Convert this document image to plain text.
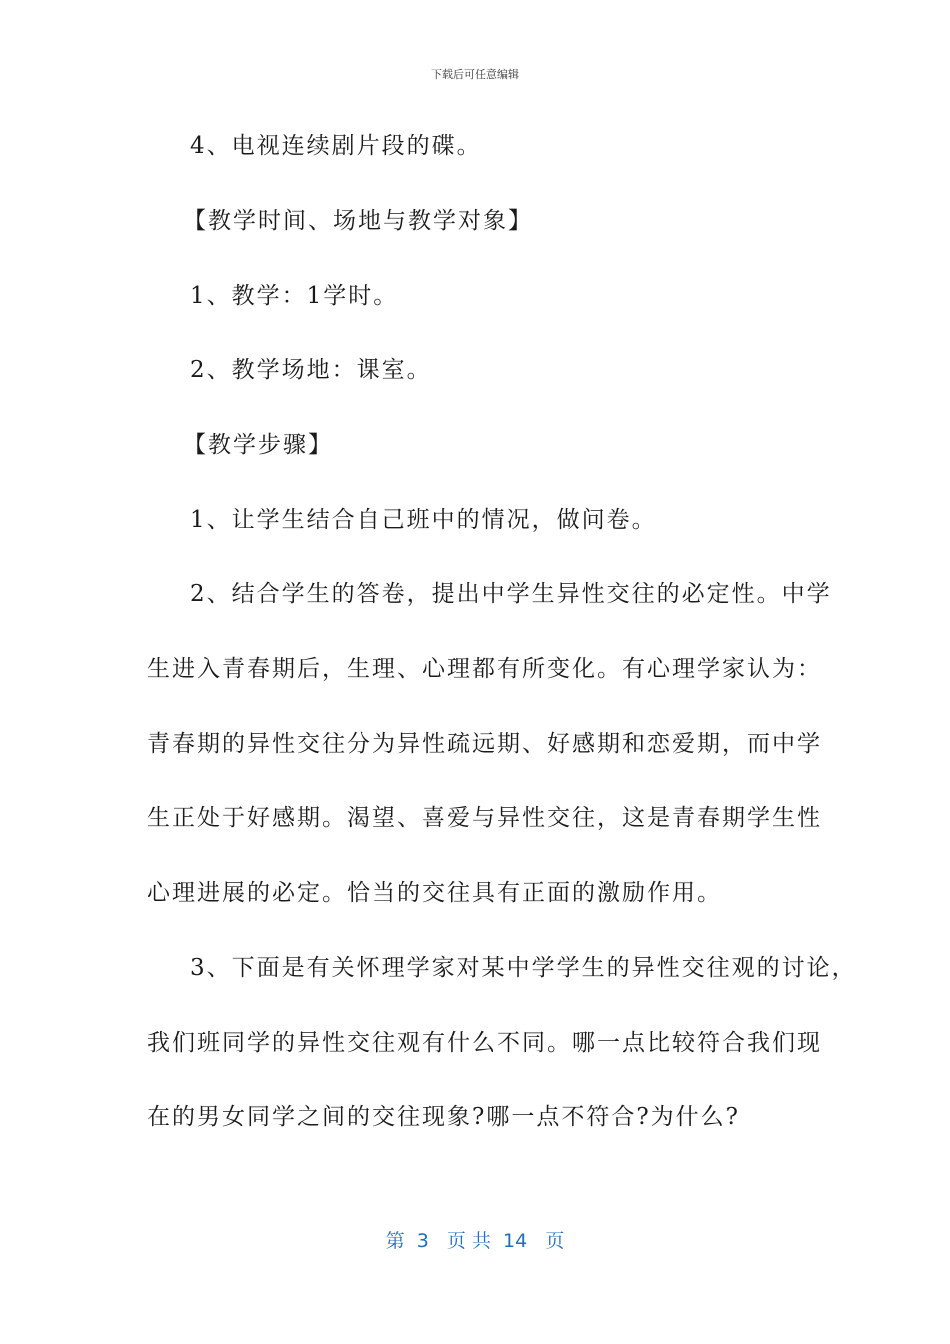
下载后可任意编辑
4、电视连续剧片段的碟。
【教学时间、场地与教学对象】
1、教学：1学时。
2、教学场地：课室。
【教学步骤】
1、让学生结合自己班中的情况，做问卷。
2、结合学生的答卷，提出中学生异性交往的必定性。中学
生进入青春期后，生理、心理都有所变化。有心理学家认为：
青春期的异性交往分为异性疏远期、好感期和恋爱期，而中学
生正处于好感期。渴望、喜爱与异性交往，这是青春期学生性
心理进展的必定。恰当的交往具有正面的激励作用。
3、下面是有关怀理学家对某中学学生的异性交往观的讨论，
我们班同学的异性交往观有什么不同。哪一点比较符合我们现
在的男女同学之间的交往现象?哪一点不符合?为什么?
第  3   页 共  14   页
